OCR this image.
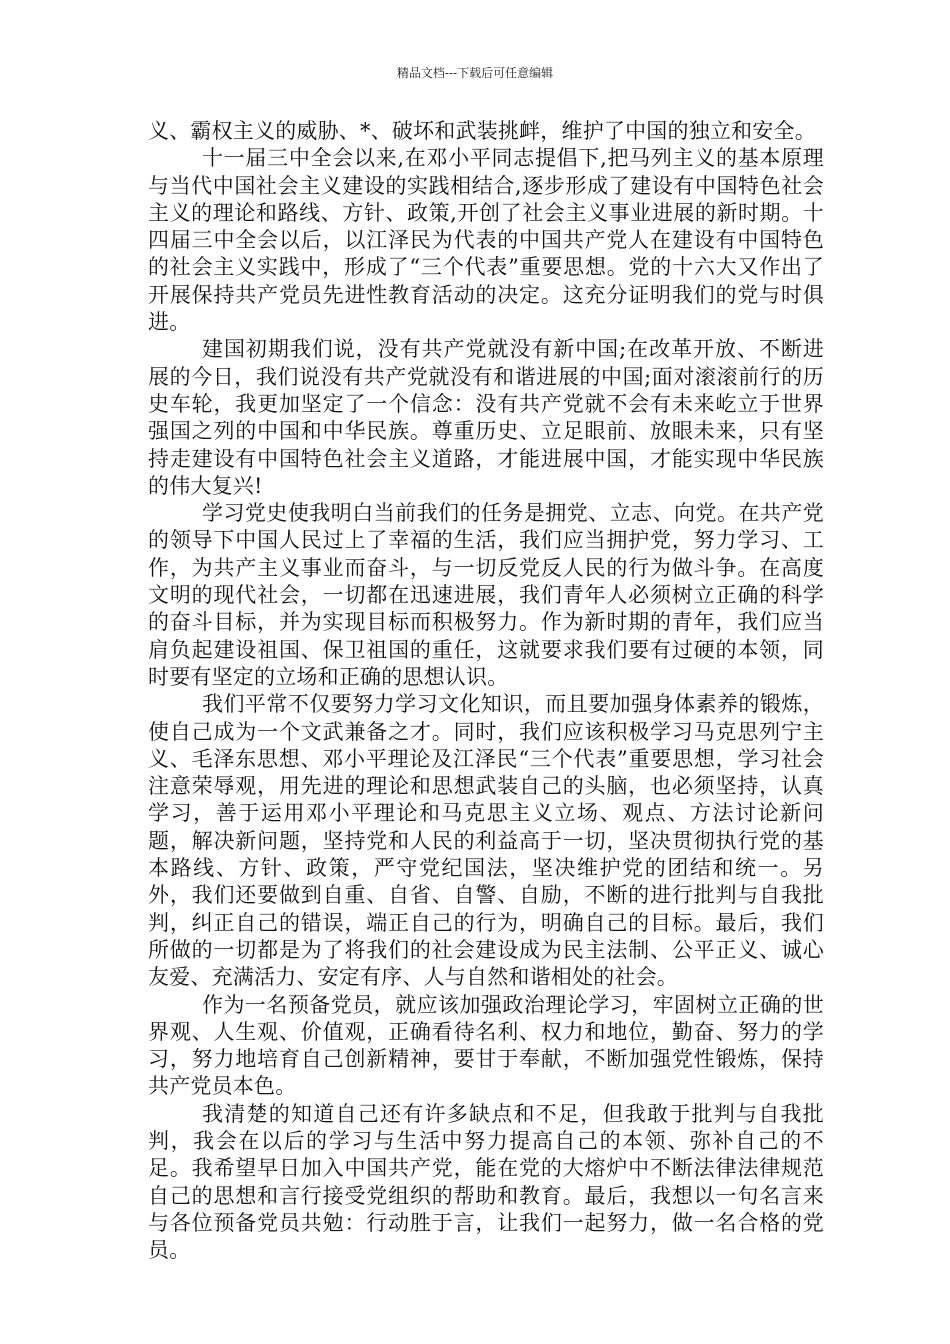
精品文档---下载后可任意编辑

义、霸权主义的威胁、*、破坏和武装挑衅，维护了中国的独立和安全。

十一届三中全会以来,在邓小平同志提倡下,把马列主义的基本原理与当代中国社会主义建设的实践相结合,逐步形成了建设有中国特色社会主义的理论和路线、方针、政策,开创了社会主义事业进展的新时期。十四届三中全会以后，以江泽民为代表的中国共产党人在建设有中国特色的社会主义实践中，形成了“三个代表”重要思想。党的十六大又作出了开展保持共产党员先进性教育活动的决定。这充分证明我们的党与时俱进。

建国初期我们说，没有共产党就没有新中国;在改革开放、不断进展的今日，我们说没有共产党就没有和谐进展的中国;面对滚滚前行的历史车轮，我更加坚定了一个信念：没有共产党就不会有未来屹立于世界强国之列的中国和中华民族。尊重历史、立足眼前、放眼未来，只有坚持走建设有中国特色社会主义道路，才能进展中国，才能实现中华民族的伟大复兴!

学习党史使我明白当前我们的任务是拥党、立志、向党。在共产党的领导下中国人民过上了幸福的生活，我们应当拥护党，努力学习、工作，为共产主义事业而奋斗，与一切反党反人民的行为做斗争。在高度文明的现代社会，一切都在迅速进展，我们青年人必须树立正确的科学的奋斗目标，并为实现目标而积极努力。作为新时期的青年，我们应当肩负起建设祖国、保卫祖国的重任，这就要求我们要有过硬的本领，同时要有坚定的立场和正确的思想认识。

我们平常不仅要努力学习文化知识，而且要加强身体素养的锻炼，使自己成为一个文武兼备之才。同时，我们应该积极学习马克思列宁主义、毛泽东思想、邓小平理论及江泽民“三个代表”重要思想，学习社会注意荣辱观，用先进的理论和思想武装自己的头脑，也必须坚持，认真学习，善于运用邓小平理论和马克思主义立场、观点、方法讨论新问题，解决新问题，坚持党和人民的利益高于一切，坚决贯彻执行党的基本路线、方针、政策，严守党纪国法，坚决维护党的团结和统一。另外，我们还要做到自重、自省、自警、自励，不断的进行批判与自我批判，纠正自己的错误，端正自己的行为，明确自己的目标。最后，我们所做的一切都是为了将我们的社会建设成为民主法制、公平正义、诚心友爱、充满活力、安定有序、人与自然和谐相处的社会。

作为一名预备党员，就应该加强政治理论学习，牢固树立正确的世界观、人生观、价值观，正确看待名利、权力和地位，勤奋、努力的学习，努力地培育自己创新精神，要甘于奉献，不断加强党性锻炼，保持共产党员本色。

我清楚的知道自己还有许多缺点和不足，但我敢于批判与自我批判，我会在以后的学习与生活中努力提高自己的本领、弥补自己的不足。我希望早日加入中国共产党，能在党的大熔炉中不断法律法律规范自己的思想和言行接受党组织的帮助和教育。最后，我想以一句名言来与各位预备党员共勉：行动胜于言，让我们一起努力，做一名合格的党员。
